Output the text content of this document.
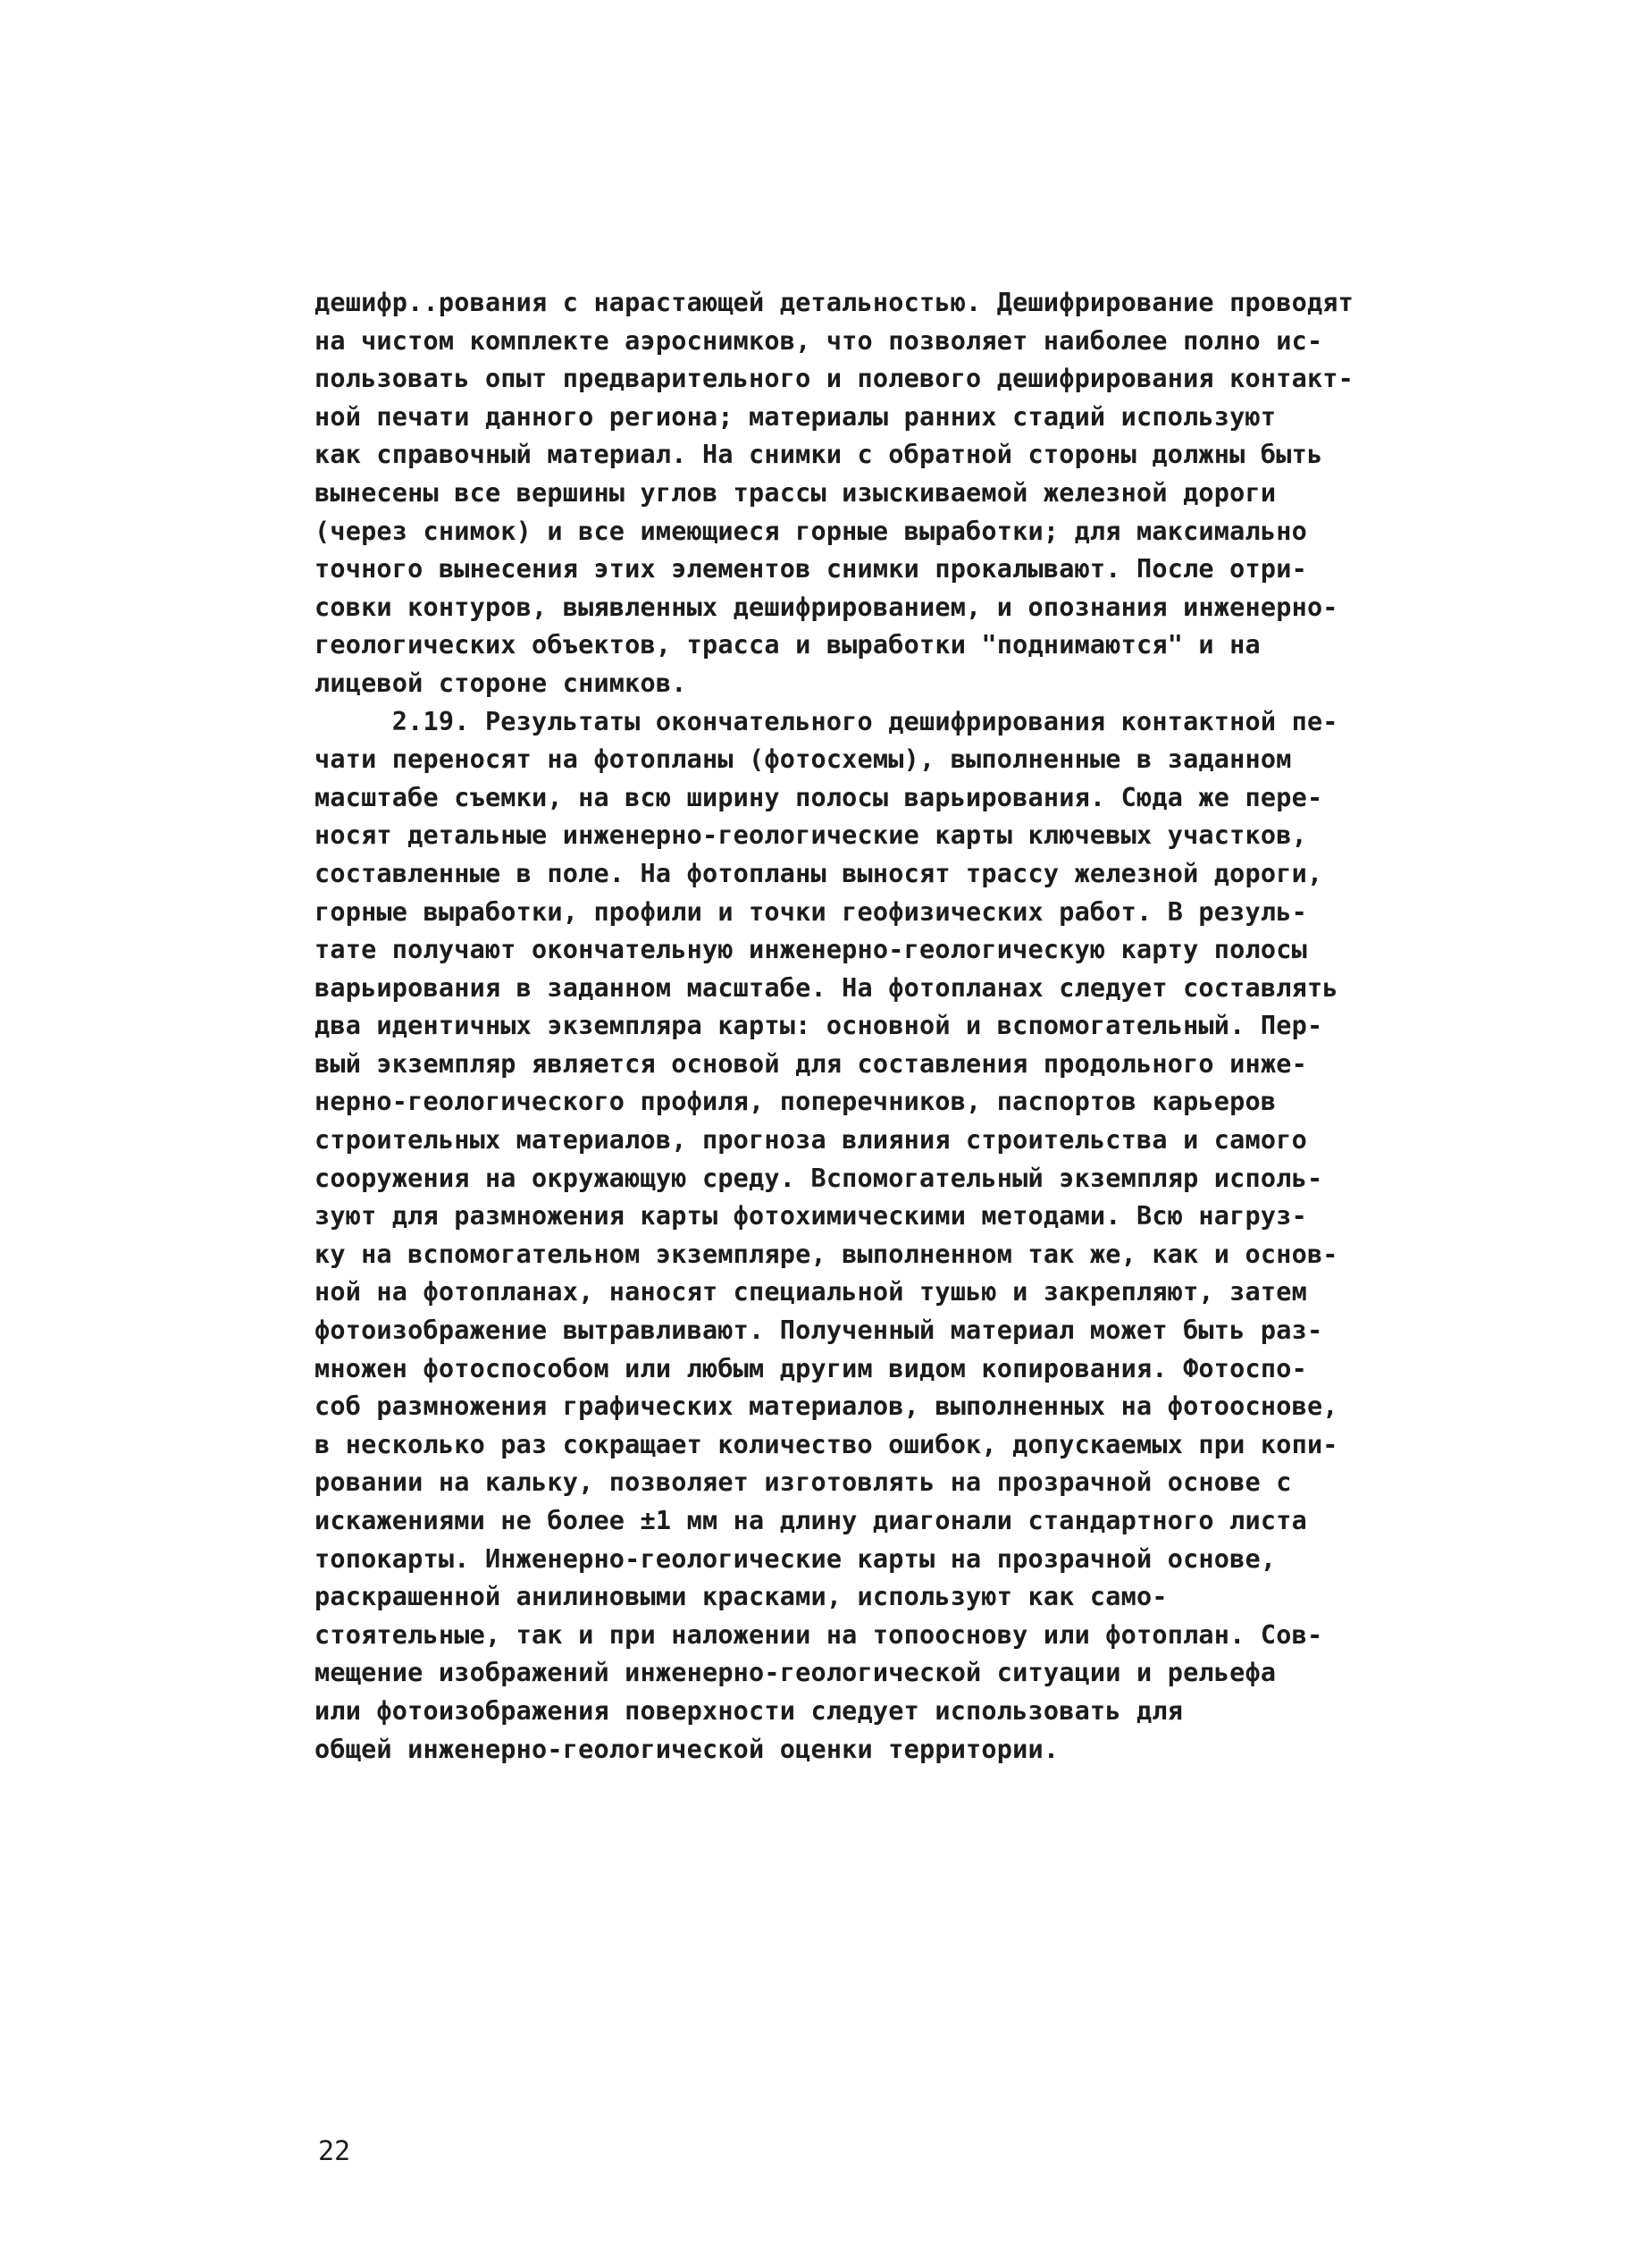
дешифр..рования с нарастающей детальностью. Дешифрирование проводят
на чистом комплекте аэроснимков, что позволяет наиболее полно ис-
пользовать опыт предварительного и полевого дешифрирования контакт-
ной печати данного региона; материалы ранних стадий используют
как справочный материал. На снимки с обратной стороны должны быть
вынесены все вершины углов трассы изыскиваемой железной дороги
(через снимок) и все имеющиеся горные выработки; для максимально
точного вынесения этих элементов снимки прокалывают. После отри-
совки контуров, выявленных дешифрированием, и опознания инженерно-
геологических объектов, трасса и выработки "поднимаются" и на
лицевой стороне снимков.
2.19. Результаты окончательного дешифрирования контактной пе-
чати переносят на фотопланы (фотосхемы), выполненные в заданном
масштабе съемки, на всю ширину полосы варьирования. Сюда же пере-
носят детальные инженерно-геологические карты ключевых участков,
составленные в поле. На фотопланы выносят трассу железной дороги,
горные выработки, профили и точки геофизических работ. В резуль-
тате получают окончательную инженерно-геологическую карту полосы
варьирования в заданном масштабе. На фотопланах следует составлять
два идентичных экземпляра карты: основной и вспомогательный. Пер-
вый экземпляр является основой для составления продольного инже-
нерно-геологического профиля, поперечников, паспортов карьеров
строительных материалов, прогноза влияния строительства и самого
сооружения на окружающую среду. Вспомогательный экземпляр исполь-
зуют для размножения карты фотохимическими методами. Всю нагруз-
ку на вспомогательном экземпляре, выполненном так же, как и основ-
ной на фотопланах, наносят специальной тушью и закрепляют, затем
фотоизображение вытравливают. Полученный материал может быть раз-
множен фотоспособом или любым другим видом копирования. Фотоспо-
соб размножения графических материалов, выполненных на фотооснове,
в несколько раз сокращает количество ошибок, допускаемых при копи-
ровании на кальку, позволяет изготовлять на прозрачной основе с
искажениями не более ±1 мм на длину диагонали стандартного листа
топокарты. Инженерно-геологические карты на прозрачной основе,
раскрашенной анилиновыми красками, используют как само-
стоятельные, так и при наложении на топооснову или фотоплан. Сов-
мещение изображений инженерно-геологической ситуации и рельефа
или фотоизображения поверхности следует использовать для
общей инженерно-геологической оценки территории.
22
